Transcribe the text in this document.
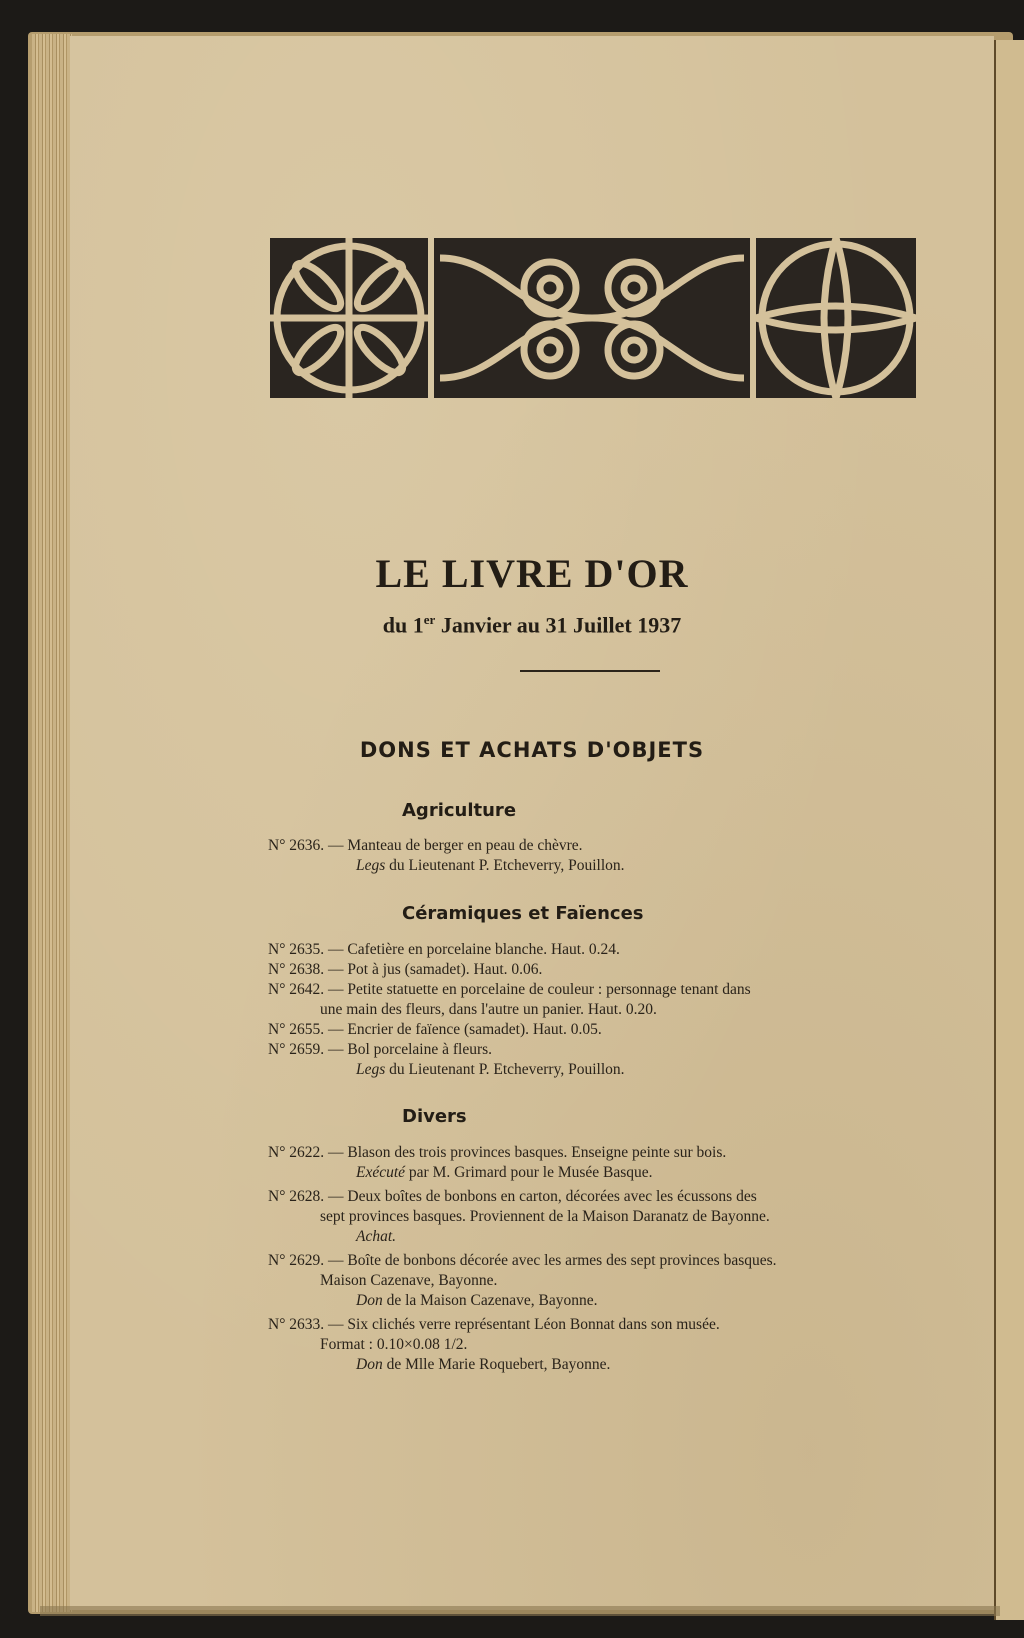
LE LIVRE D'OR
du 1er Janvier au 31 Juillet 1937
DONS ET ACHATS D'OBJETS
Agriculture
N° 2636. — Manteau de berger en peau de chèvre.
Legs du Lieutenant P. Etcheverry, Pouillon.
Céramiques et Faïences
N° 2635. — Cafetière en porcelaine blanche. Haut. 0.24.
N° 2638. — Pot à jus (samadet). Haut. 0.06.
N° 2642. — Petite statuette en porcelaine de couleur : personnage tenant dans
une main des fleurs, dans l'autre un panier. Haut. 0.20.
N° 2655. — Encrier de faïence (samadet). Haut. 0.05.
N° 2659. — Bol porcelaine à fleurs.
Legs du Lieutenant P. Etcheverry, Pouillon.
Divers
N° 2622. — Blason des trois provinces basques. Enseigne peinte sur bois.
Exécuté par M. Grimard pour le Musée Basque.
N° 2628. — Deux boîtes de bonbons en carton, décorées avec les écussons des
sept provinces basques. Proviennent de la Maison Daranatz de Bayonne.
Achat.
N° 2629. — Boîte de bonbons décorée avec les armes des sept provinces basques.
Maison Cazenave, Bayonne.
Don de la Maison Cazenave, Bayonne.
N° 2633. — Six clichés verre représentant Léon Bonnat dans son musée.
Format : 0.10×0.08 1/2.
Don de Mlle Marie Roquebert, Bayonne.
